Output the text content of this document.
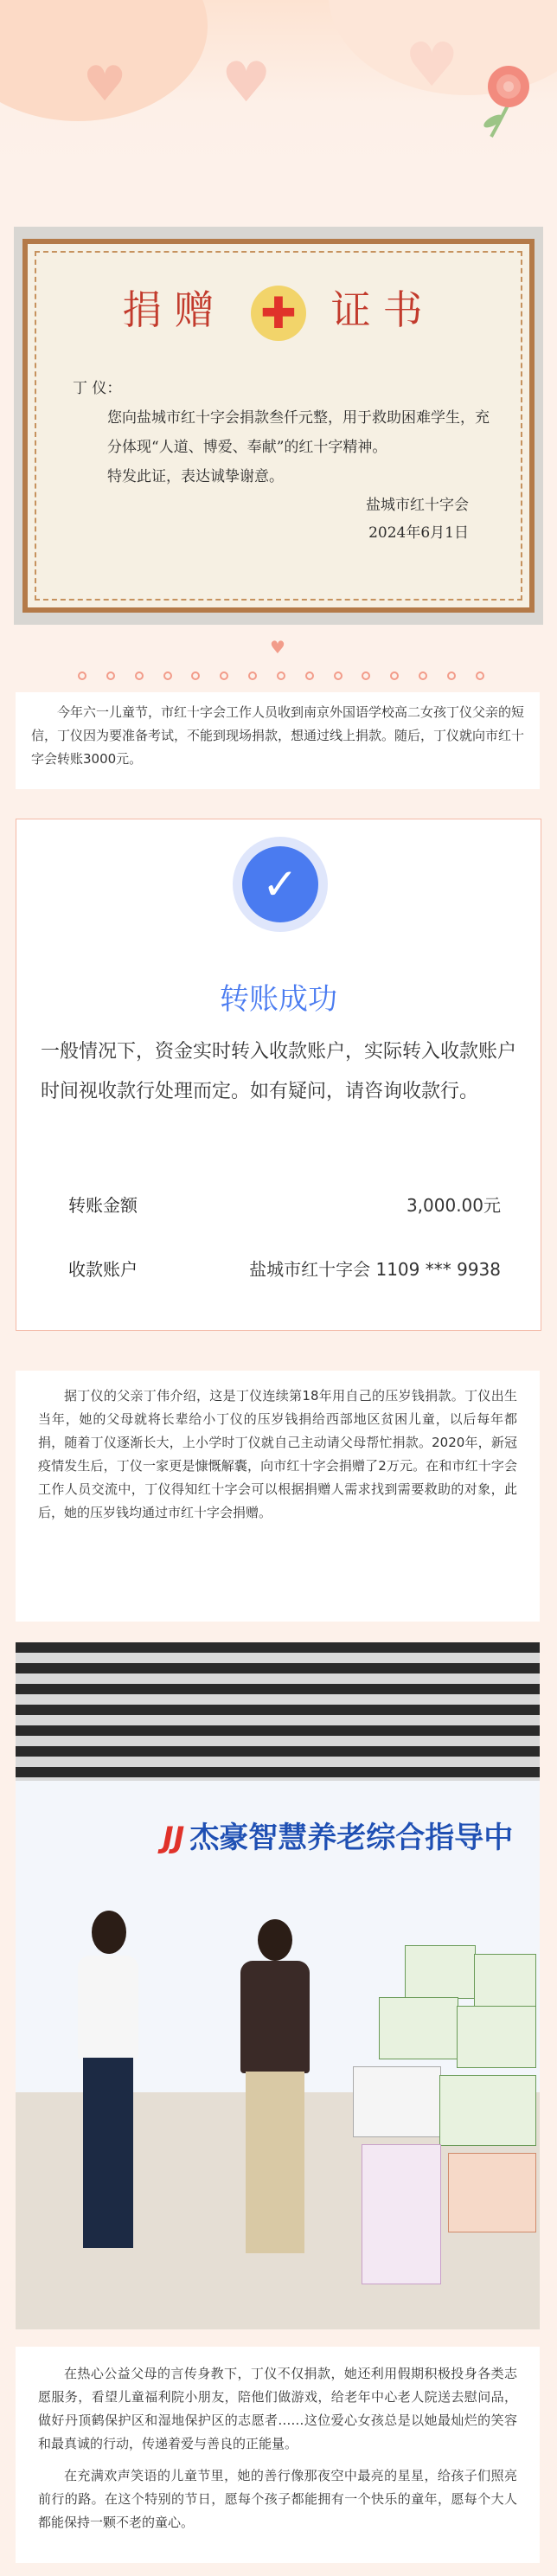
♥ ♥ ♥
捐赠 ✚ 证书
丁 仪：
您向盐城市红十字会捐款叁仟元整，用于救助困难学生，充分体现“人道、博爱、奉献”的红十字精神。
特发此证，表达诚挚谢意。
盐城市红十字会
2024年6月1日
♥
今年六一儿童节，市红十字会工作人员收到南京外国语学校高二女孩丁仪父亲的短信，丁仪因为要准备考试，不能到现场捐款，想通过线上捐款。随后，丁仪就向市红十字会转账3000元。
✓
转账成功
一般情况下，资金实时转入收款账户，实际转入收款账户时间视收款行处理而定。如有疑问，请咨询收款行。
转账金额	3,000.00元
收款账户	盐城市红十字会 1109 *** 9938
据丁仪的父亲丁伟介绍，这是丁仪连续第18年用自己的压岁钱捐款。丁仪出生当年，她的父母就将长辈给小丁仪的压岁钱捐给西部地区贫困儿童，以后每年都捐，随着丁仪逐渐长大，上小学时丁仪就自己主动请父母帮忙捐款。2020年，新冠疫情发生后，丁仪一家更是慷慨解囊，向市红十字会捐赠了2万元。在和市红十字会工作人员交流中，丁仪得知红十字会可以根据捐赠人需求找到需要救助的对象，此后，她的压岁钱均通过市红十字会捐赠。
JJ 杰豪智慧养老综合指导中

在热心公益父母的言传身教下，丁仪不仅捐款，她还利用假期积极投身各类志愿服务，看望儿童福利院小朋友，陪他们做游戏，给老年中心老人院送去慰问品，做好丹顶鹤保护区和湿地保护区的志愿者……这位爱心女孩总是以她最灿烂的笑容和最真诚的行动，传递着爱与善良的正能量。

在充满欢声笑语的儿童节里，她的善行像那夜空中最亮的星星，给孩子们照亮前行的路。在这个特别的节日，愿每个孩子都能拥有一个快乐的童年，愿每个大人都能保持一颗不老的童心。
